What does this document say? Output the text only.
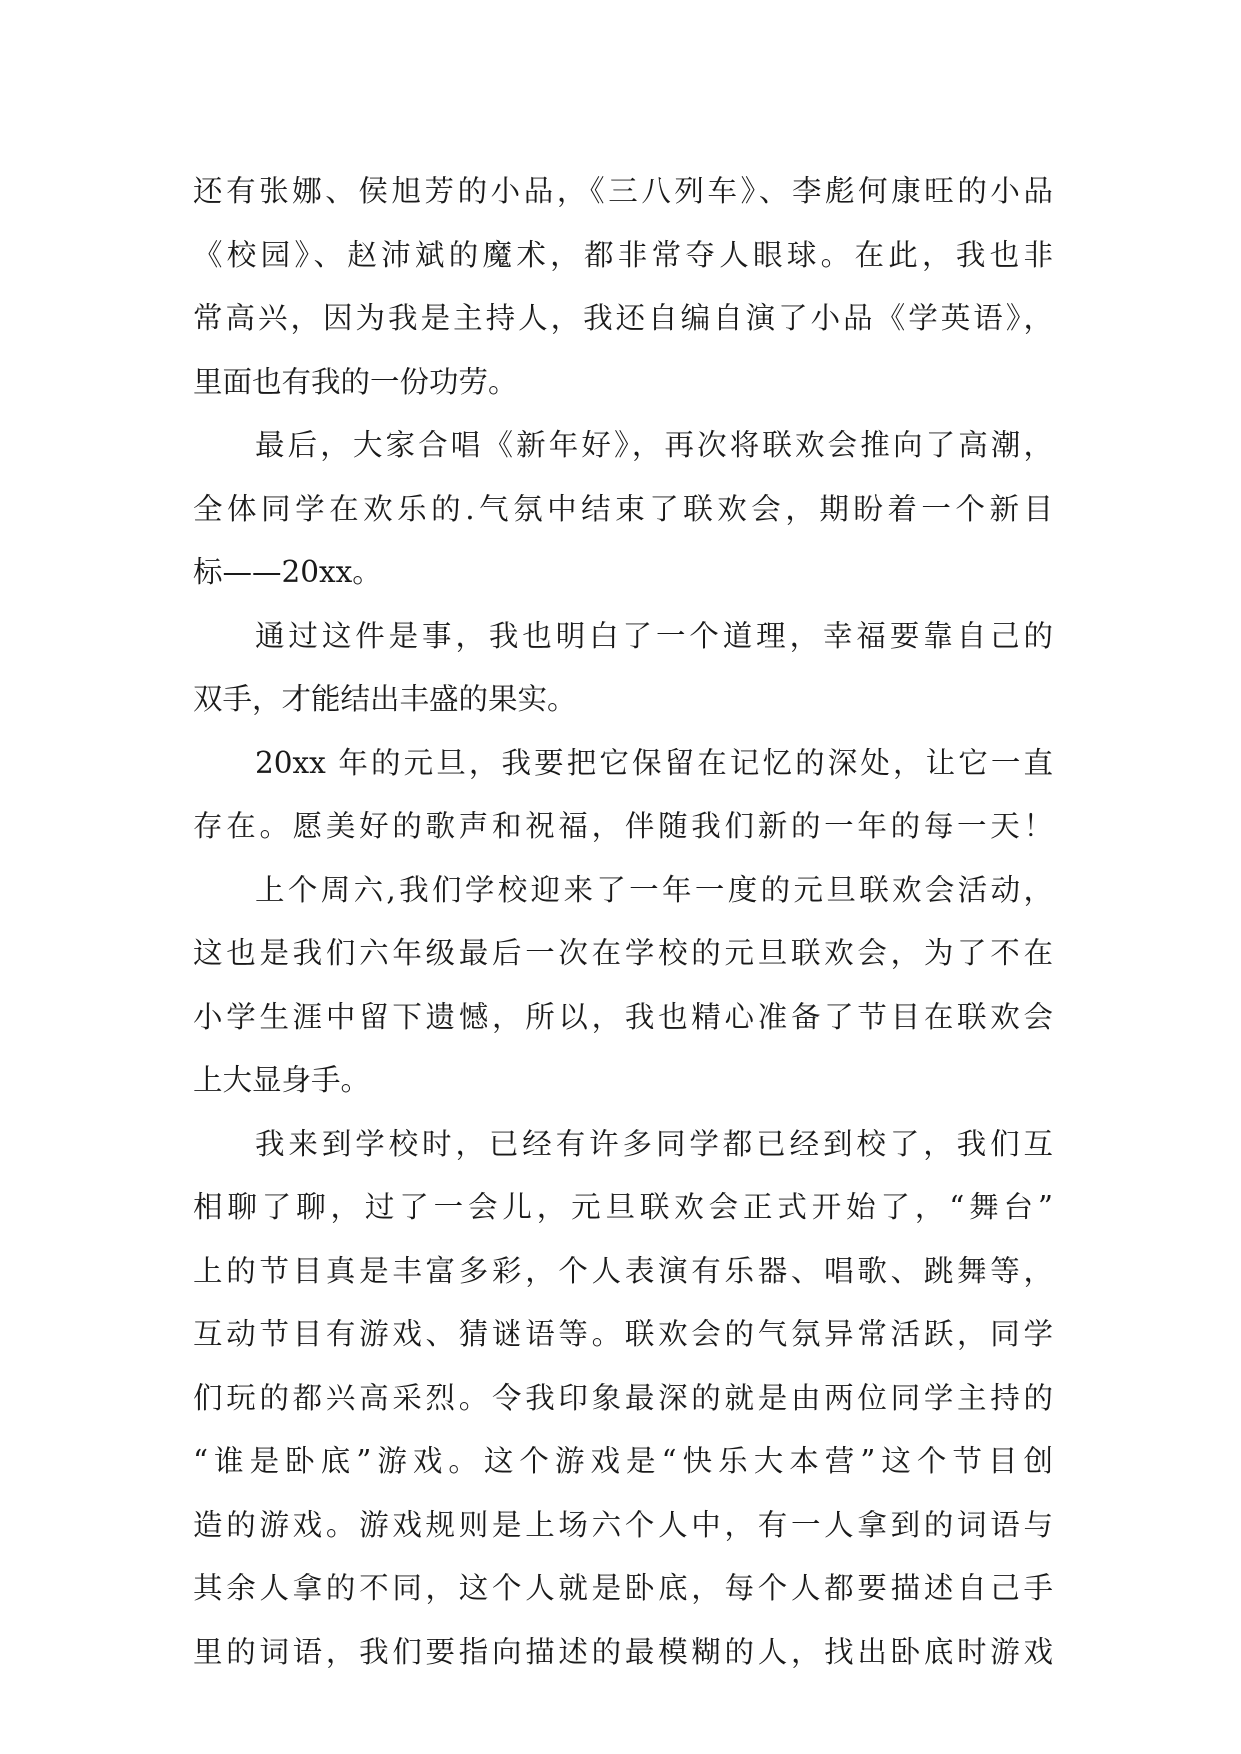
还有张娜、侯旭芳的小品，《三八列车》、李彪何康旺的小品
《校园》、赵沛斌的魔术，都非常夺人眼球。在此，我也非
常高兴，因为我是主持人，我还自编自演了小品《学英语》，
里面也有我的一份功劳。
最后，大家合唱《新年好》，再次将联欢会推向了高潮，
全体同学在欢乐的.气氛中结束了联欢会，期盼着一个新目
标——20xx。
通过这件是事，我也明白了一个道理，幸福要靠自己的
双手，才能结出丰盛的果实。
20xx 年的元旦，我要把它保留在记忆的深处，让它一直
存在。愿美好的歌声和祝福，伴随我们新的一年的每一天！
上个周六,我们学校迎来了一年一度的元旦联欢会活动，
这也是我们六年级最后一次在学校的元旦联欢会，为了不在
小学生涯中留下遗憾，所以，我也精心准备了节目在联欢会
上大显身手。
我来到学校时，已经有许多同学都已经到校了，我们互
相聊了聊，过了一会儿，元旦联欢会正式开始了，“舞台”
上的节目真是丰富多彩，个人表演有乐器、唱歌、跳舞等，
互动节目有游戏、猜谜语等。联欢会的气氛异常活跃，同学
们玩的都兴高采烈。令我印象最深的就是由两位同学主持的
“谁是卧底”游戏。这个游戏是“快乐大本营”这个节目创
造的游戏。游戏规则是上场六个人中，有一人拿到的词语与
其余人拿的不同，这个人就是卧底，每个人都要描述自己手
里的词语，我们要指向描述的最模糊的人，找出卧底时游戏
